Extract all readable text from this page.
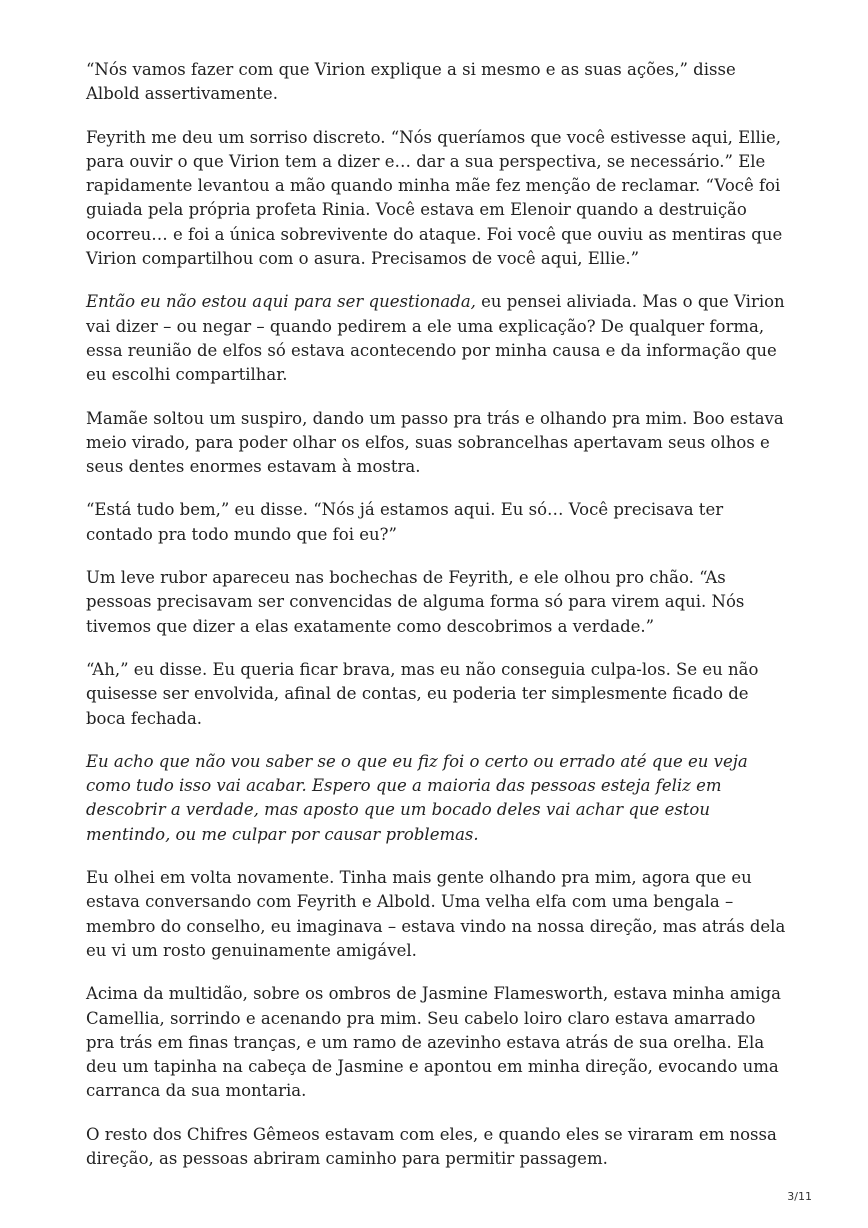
“Nós vamos fazer com que Virion explique a si mesmo e as suas ações,” disse Albold assertivamente.

Feyrith me deu um sorriso discreto. “Nós queríamos que você estivesse aqui, Ellie, para ouvir o que Virion tem a dizer e… dar a sua perspectiva, se necessário.” Ele rapidamente levantou a mão quando minha mãe fez menção de reclamar. “Você foi guiada pela própria profeta Rinia. Você estava em Elenoir quando a destruição ocorreu… e foi a única sobrevivente do ataque. Foi você que ouviu as mentiras que Virion compartilhou com o asura. Precisamos de você aqui, Ellie.”

Então eu não estou aqui para ser questionada, eu pensei aliviada. Mas o que Virion vai dizer – ou negar – quando pedirem a ele uma explicação? De qualquer forma, essa reunião de elfos só estava acontecendo por minha causa e da informação que eu escolhi compartilhar.

Mamãe soltou um suspiro, dando um passo pra trás e olhando pra mim. Boo estava meio virado, para poder olhar os elfos, suas sobrancelhas apertavam seus olhos e seus dentes enormes estavam à mostra.

“Está tudo bem,” eu disse. “Nós já estamos aqui. Eu só… Você precisava ter contado pra todo mundo que foi eu?”

Um leve rubor apareceu nas bochechas de Feyrith, e ele olhou pro chão. “As pessoas precisavam ser convencidas de alguma forma só para virem aqui. Nós tivemos que dizer a elas exatamente como descobrimos a verdade.”

“Ah,” eu disse. Eu queria ficar brava, mas eu não conseguia culpa-los. Se eu não quisesse ser envolvida, afinal de contas, eu poderia ter simplesmente ficado de boca fechada.

Eu acho que não vou saber se o que eu fiz foi o certo ou errado até que eu veja como tudo isso vai acabar. Espero que a maioria das pessoas esteja feliz em descobrir a verdade, mas aposto que um bocado deles vai achar que estou mentindo, ou me culpar por causar problemas.

Eu olhei em volta novamente. Tinha mais gente olhando pra mim, agora que eu estava conversando com Feyrith e Albold. Uma velha elfa com uma bengala – membro do conselho, eu imaginava – estava vindo na nossa direção, mas atrás dela eu vi um rosto genuinamente amigável.

Acima da multidão, sobre os ombros de Jasmine Flamesworth, estava minha amiga Camellia, sorrindo e acenando pra mim. Seu cabelo loiro claro estava amarrado pra trás em finas tranças, e um ramo de azevinho estava atrás de sua orelha. Ela deu um tapinha na cabeça de Jasmine e apontou em minha direção, evocando uma carranca da sua montaria.

O resto dos Chifres Gêmeos estavam com eles, e quando eles se viraram em nossa direção, as pessoas abriram caminho para permitir passagem.

3/11
